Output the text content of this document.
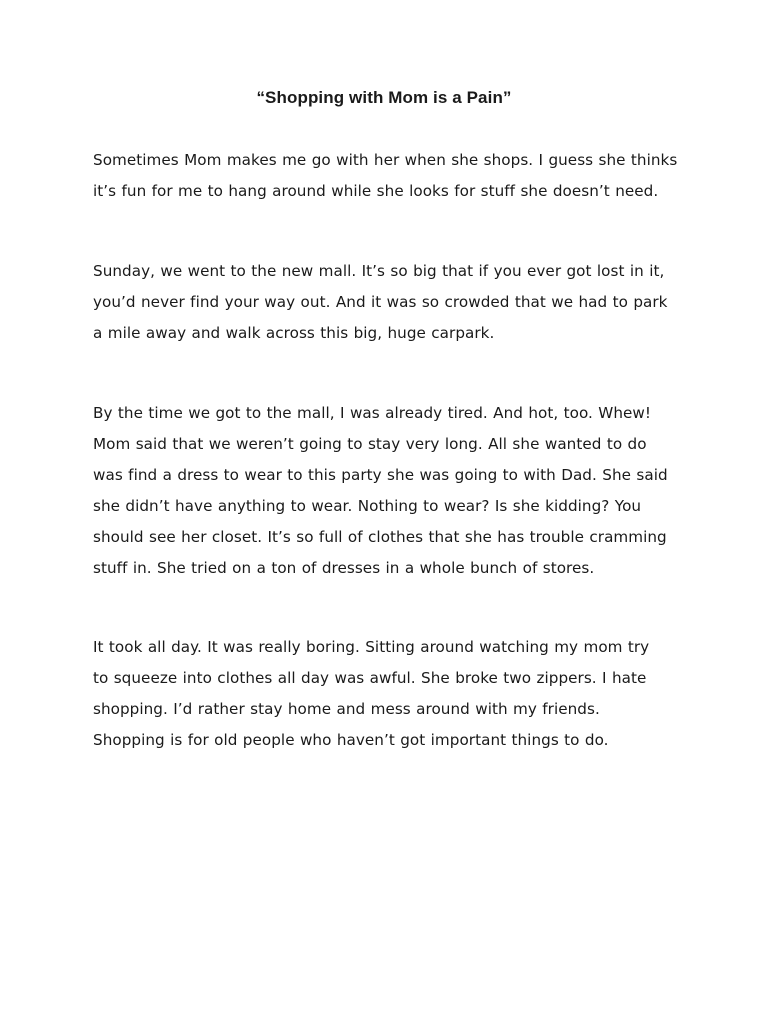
“Shopping with Mom is a Pain”

Sometimes Mom makes me go with her when she shops. I guess she thinks
it’s fun for me to hang around while she looks for stuff she doesn’t need.

Sunday, we went to the new mall. It’s so big that if you ever got lost in it,
you’d never find your way out. And it was so crowded that we had to park
a mile away and walk across this big, huge carpark.

By the time we got to the mall, I was already tired. And hot, too. Whew!
Mom said that we weren’t going to stay very long. All she wanted to do
was find a dress to wear to this party she was going to with Dad. She said
she didn’t have anything to wear. Nothing to wear? Is she kidding? You
should see her closet. It’s so full of clothes that she has trouble cramming
stuff in. She tried on a ton of dresses in a whole bunch of stores.

It took all day. It was really boring. Sitting around watching my mom try
to squeeze into clothes all day was awful. She broke two zippers. I hate
shopping. I’d rather stay home and mess around with my friends.
Shopping is for old people who haven’t got important things to do.
